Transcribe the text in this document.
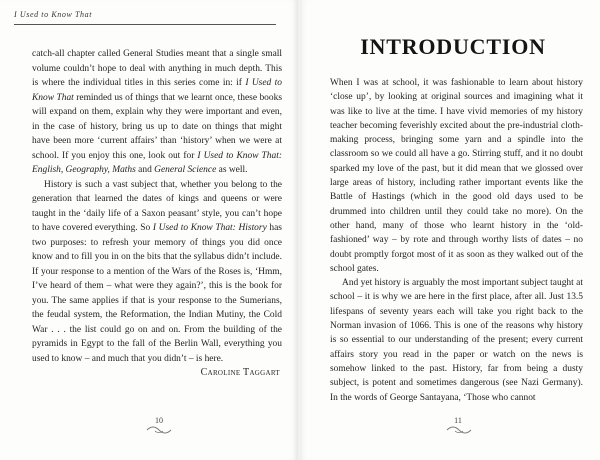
I Used to Know That

catch-all chapter called General Studies meant that a single small volume couldn’t hope to deal with anything in much depth. This is where the individual titles in this series come in: if I Used to Know That reminded us of things that we learnt once, these books will expand on them, explain why they were important and even, in the case of history, bring us up to date on things that might have been more ‘current affairs’ than ‘history’ when we were at school. If you enjoy this one, look out for I Used to Know That: English, Geography, Maths and General Science as well.

History is such a vast subject that, whether you belong to the generation that learned the dates of kings and queens or were taught in the ‘daily life of a Saxon peasant’ style, you can’t hope to have covered everything. So I Used to Know That: History has two purposes: to refresh your memory of things you did once know and to fill you in on the bits that the syllabus didn’t include. If your response to a mention of the Wars of the Roses is, ‘Hmm, I’ve heard of them – what were they again?’, this is the book for you. The same applies if that is your response to the Sumerians, the feudal system, the Reformation, the Indian Mutiny, the Cold War . . . the list could go on and on. From the building of the pyramids in Egypt to the fall of the Berlin Wall, everything you used to know – and much that you didn’t – is here.

Caroline Taggart
10
INTRODUCTION

When I was at school, it was fashionable to learn about history ‘close up’, by looking at original sources and imagining what it was like to live at the time. I have vivid memories of my history teacher becoming feverishly excited about the pre-industrial cloth-making process, bringing some yarn and a spindle into the classroom so we could all have a go. Stirring stuff, and it no doubt sparked my love of the past, but it did mean that we glossed over large areas of history, including rather important events like the Battle of Hastings (which in the good old days used to be drummed into children until they could take no more). On the other hand, many of those who learnt history in the ‘old-fashioned’ way – by rote and through worthy lists of dates – no doubt promptly forgot most of it as soon as they walked out of the school gates.

And yet history is arguably the most important subject taught at school – it is why we are here in the first place, after all. Just 13.5 lifespans of seventy years each will take you right back to the Norman invasion of 1066. This is one of the reasons why history is so essential to our understanding of the present; every current affairs story you read in the paper or watch on the news is somehow linked to the past. History, far from being a dusty subject, is potent and sometimes dangerous (see Nazi Germany). In the words of George Santayana, ‘Those who cannot

11
